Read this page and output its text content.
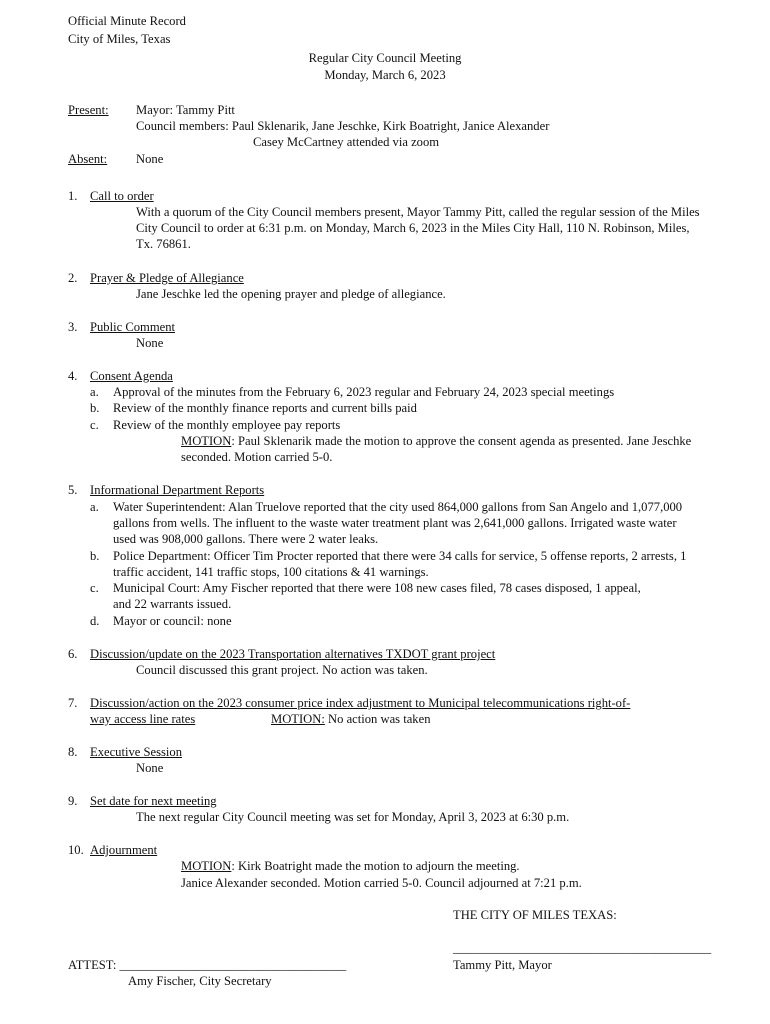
Official Minute Record
City of Miles, Texas
Regular City Council Meeting
Monday, March 6, 2023
Present: Mayor: Tammy Pitt
Council members: Paul Sklenarik, Jane Jeschke, Kirk Boatright, Janice Alexander
Casey McCartney attended via zoom
Absent: None
1. Call to order
With a quorum of the City Council members present, Mayor Tammy Pitt, called the regular session of the Miles City Council to order at 6:31 p.m. on Monday, March 6, 2023 in the Miles City Hall, 110 N. Robinson, Miles, Tx. 76861.
2. Prayer & Pledge of Allegiance
Jane Jeschke led the opening prayer and pledge of allegiance.
3. Public Comment
None
4. Consent Agenda
a. Approval of the minutes from the February 6, 2023 regular and February 24, 2023 special meetings
b. Review of the monthly finance reports and current bills paid
c. Review of the monthly employee pay reports
MOTION: Paul Sklenarik made the motion to approve the consent agenda as presented. Jane Jeschke seconded. Motion carried 5-0.
5. Informational Department Reports
a. Water Superintendent: Alan Truelove reported that the city used 864,000 gallons from San Angelo and 1,077,000 gallons from wells. The influent to the waste water treatment plant was 2,641,000 gallons. Irrigated waste water used was 908,000 gallons. There were 2 water leaks.
b. Police Department: Officer Tim Procter reported that there were 34 calls for service, 5 offense reports, 2 arrests, 1 traffic accident, 141 traffic stops, 100 citations & 41 warnings.
c. Municipal Court: Amy Fischer reported that there were 108 new cases filed, 78 cases disposed, 1 appeal, and 22 warrants issued.
d. Mayor or council: none
6. Discussion/update on the 2023 Transportation alternatives TXDOT grant project
Council discussed this grant project. No action was taken.
7. Discussion/action on the 2023 consumer price index adjustment to Municipal telecommunications right-of-
way access line rates	MOTION: No action was taken
8. Executive Session
None
9. Set date for next meeting
The next regular City Council meeting was set for Monday, April 3, 2023 at 6:30 p.m.
10. Adjournment
MOTION: Kirk Boatright made the motion to adjourn the meeting.
Janice Alexander seconded. Motion carried 5-0. Council adjourned at 7:21 p.m.
THE CITY OF MILES TEXAS:
_________________________________________
Tammy Pitt, Mayor
ATTEST: ____________________________________
Amy Fischer, City Secretary
